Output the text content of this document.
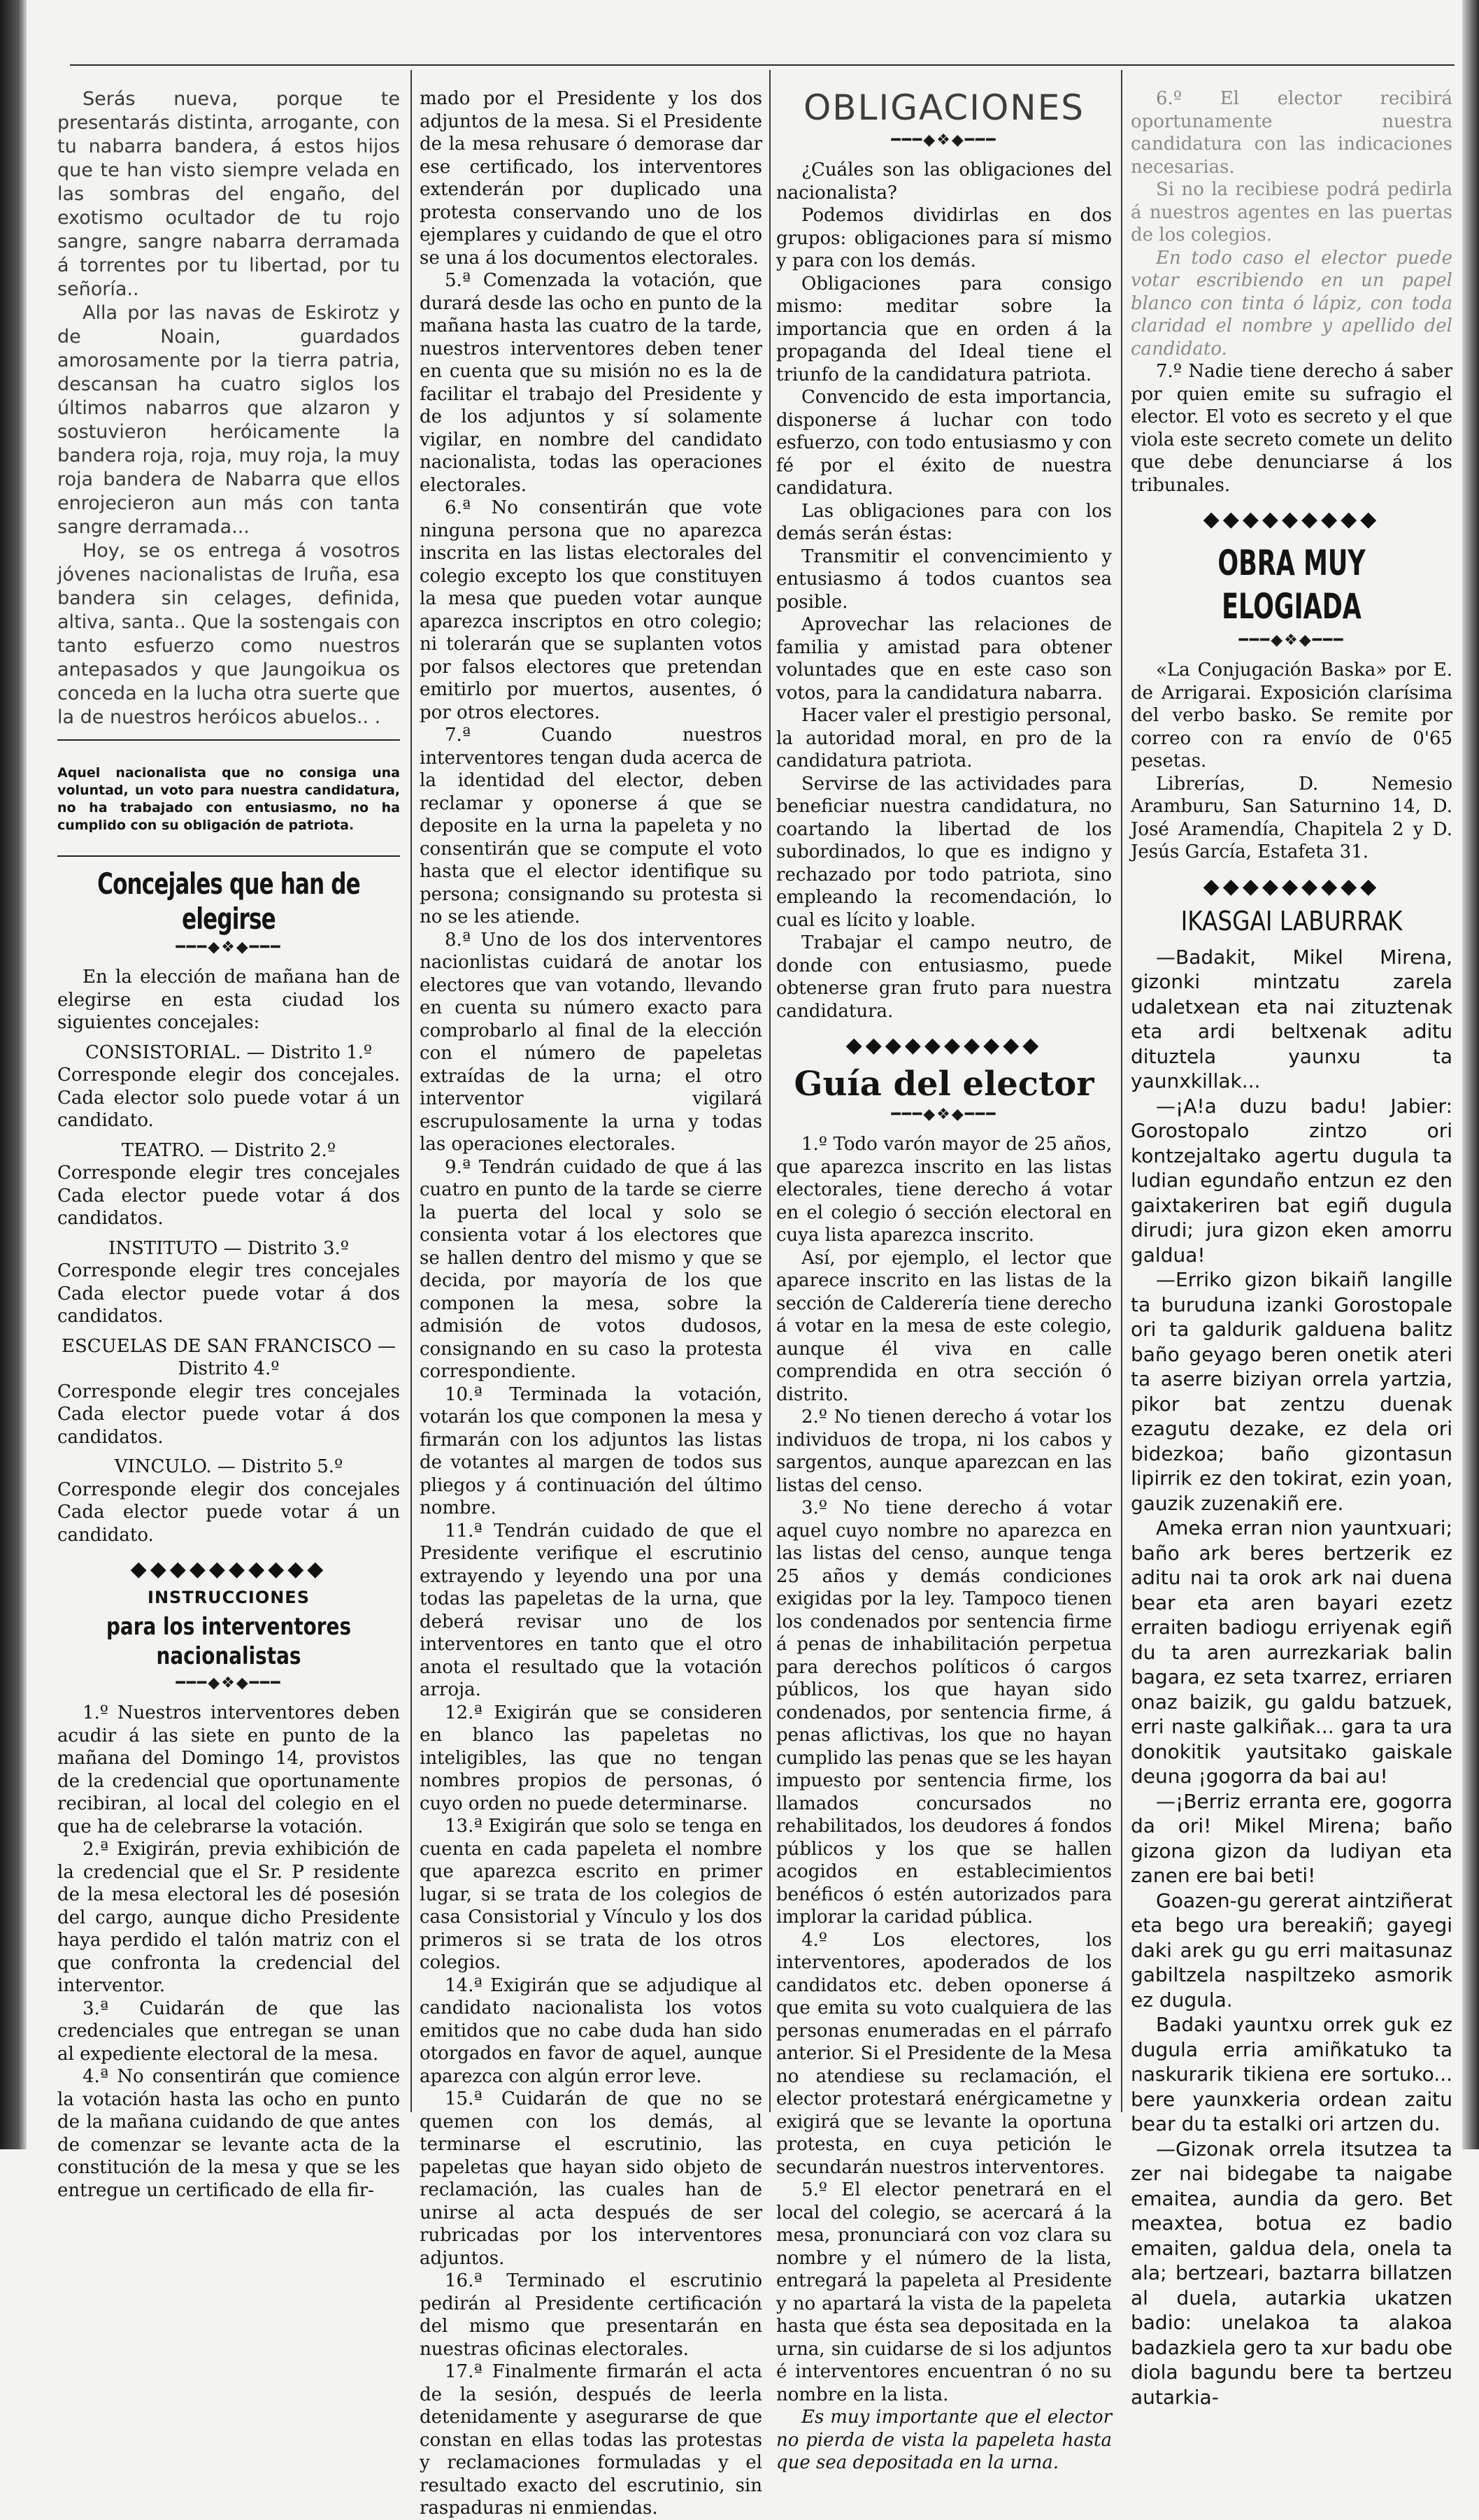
Serás nueva, porque te presentarás distinta, arrogante, con tu nabarra bandera, á estos hijos que te han visto siempre velada en las sombras del engaño, del exotismo ocultador de tu rojo sangre, sangre nabarra derramada á torrentes por tu libertad, por tu señoría..

Alla por las navas de Eskirotz y de Noain, guardados amorosamente por la tierra patria, descansan ha cuatro siglos los últimos nabarros que alzaron y sostuvieron heróicamente la bandera roja, roja, muy roja, la muy roja bandera de Nabarra que ellos enrojecieron aun más con tanta sangre derramada...

Hoy, se os entrega á vosotros jóvenes nacionalistas de Iruña, esa bandera sin celages, definida, altiva, santa.. Que la sostengais con tanto esfuerzo como nuestros antepasados y que Jaungoikua os conceda en la lucha otra suerte que la de nuestros heróicos abuelos.. .

Aquel nacionalista que no consiga una voluntad, un voto para nuestra candidatura, no ha trabajado con entusiasmo, no ha cumplido con su obligación de patriota.
Concejales que han de elegirse
━━━◆❖◆━━━

En la elección de mañana han de elegirse en esta ciudad los siguientes concejales:

CONSISTORIAL. — Distrito 1.º

Corresponde elegir dos concejales. Cada elector solo puede votar á un candidato.

TEATRO. — Distrito 2.º

Corresponde elegir tres concejales Cada elector puede votar á dos candidatos.

INSTITUTO — Distrito 3.º

Corresponde elegir tres concejales Cada elector puede votar á dos candidatos.

ESCUELAS DE SAN FRANCISCO — Distrito 4.º

Corresponde elegir tres concejales Cada elector puede votar á dos candidatos.

VINCULO. — Distrito 5.º

Corresponde elegir dos concejales Cada elector puede votar á un candidato.

◆◆◆◆◆◆◆◆◆◆
INSTRUCCIONES
para los interventores nacionalistas
━━━◆❖◆━━━

1.º Nuestros interventores deben acudir á las siete en punto de la mañana del Domingo 14, provistos de la credencial que oportunamente recibiran, al local del colegio en el que ha de celebrarse la votación.

2.ª Exigirán, previa exhibición de la credencial que el Sr. P residente de la mesa electoral les dé posesión del cargo, aunque dicho Presidente haya perdido el talón matriz con el que confronta la credencial del interventor.

3.ª Cuidarán de que las credenciales que entregan se unan al expediente electoral de la mesa.

4.ª No consentirán que comience la votación hasta las ocho en punto de la mañana cuidando de que antes de comenzar se levante acta de la constitución de la mesa y que se les entregue un certificado de ella fir-

mado por el Presidente y los dos adjuntos de la mesa. Si el Presidente de la mesa rehusare ó demorase dar ese certificado, los interventores extenderán por duplicado una protesta conservando uno de los ejemplares y cuidando de que el otro se una á los documentos electorales.

5.ª Comenzada la votación, que durará desde las ocho en punto de la mañana hasta las cuatro de la tarde, nuestros interventores deben tener en cuenta que su misión no es la de facilitar el trabajo del Presidente y de los adjuntos y sí solamente vigilar, en nombre del candidato nacionalista, todas las operaciones electorales.

6.ª No consentirán que vote ninguna persona que no aparezca inscrita en las listas electorales del colegio excepto los que constituyen la mesa que pueden votar aunque aparezca inscriptos en otro colegio; ni tolerarán que se suplanten votos por falsos electores que pretendan emitirlo por muertos, ausentes, ó por otros electores.

7.ª Cuando nuestros interventores tengan duda acerca de la identidad del elector, deben reclamar y oponerse á que se deposite en la urna la papeleta y no consentirán que se compute el voto hasta que el elector identifique su persona; consignando su protesta si no se les atiende.

8.ª Uno de los dos interventores nacionlistas cuidará de anotar los electores que van votando, llevando en cuenta su número exacto para comprobarlo al final de la elección con el número de papeletas extraídas de la urna; el otro interventor vigilará escrupulosamente la urna y todas las operaciones electorales.

9.ª Tendrán cuidado de que á las cuatro en punto de la tarde se cierre la puerta del local y solo se consienta votar á los electores que se hallen dentro del mismo y que se decida, por mayoría de los que componen la mesa, sobre la admisión de votos dudosos, consignando en su caso la protesta correspondiente.

10.ª Terminada la votación, votarán los que componen la mesa y firmarán con los adjuntos las listas de votantes al margen de todos sus pliegos y á continuación del último nombre.

11.ª Tendrán cuidado de que el Presidente verifique el escrutinio extrayendo y leyendo una por una todas las papeletas de la urna, que deberá revisar uno de los interventores en tanto que el otro anota el resultado que la votación arroja.

12.ª Exigirán que se consideren en blanco las papeletas no inteligibles, las que no tengan nombres propios de personas, ó cuyo orden no puede determinarse.

13.ª Exigirán que solo se tenga en cuenta en cada papeleta el nombre que aparezca escrito en primer lugar, si se trata de los colegios de casa Consistorial y Vínculo y los dos primeros si se trata de los otros colegios.

14.ª Exigirán que se adjudique al candidato nacionalista los votos emitidos que no cabe duda han sido otorgados en favor de aquel, aunque aparezca con algún error leve.

15.ª Cuidarán de que no se quemen con los demás, al terminarse el escrutinio, las papeletas que hayan sido objeto de reclamación, las cuales han de unirse al acta después de ser rubricadas por los interventores adjuntos.

16.ª Terminado el escrutinio pedirán al Presidente certificación del mismo que presentarán en nuestras oficinas electorales.

17.ª Finalmente firmarán el acta de la sesión, después de leerla detenidamente y asegurarse de que constan en ellas todas las protestas y reclamaciones formuladas y el resultado exacto del escrutinio, sin raspaduras ni enmiendas.

OBLIGACIONES
━━━◆❖◆━━━

¿Cuáles son las obligaciones del nacionalista?

Podemos dividirlas en dos grupos: obligaciones para sí mismo y para con los demás.

Obligaciones para consigo mismo: meditar sobre la importancia que en orden á la propaganda del Ideal tiene el triunfo de la candidatura patriota.

Convencido de esta importancia, disponerse á luchar con todo esfuerzo, con todo entusiasmo y con fé por el éxito de nuestra candidatura.

Las obligaciones para con los demás serán éstas:

Transmitir el convencimiento y entusiasmo á todos cuantos sea posible.

Aprovechar las relaciones de familia y amistad para obtener voluntades que en este caso son votos, para la candidatura nabarra.

Hacer valer el prestigio personal, la autoridad moral, en pro de la candidatura patriota.

Servirse de las actividades para beneficiar nuestra candidatura, no coartando la libertad de los subordinados, lo que es indigno y rechazado por todo patriota, sino empleando la recomendación, lo cual es lícito y loable.

Trabajar el campo neutro, de donde con entusiasmo, puede obtenerse gran fruto para nuestra candidatura.

◆◆◆◆◆◆◆◆◆◆
Guía del elector
━━━◆❖◆━━━

1.º Todo varón mayor de 25 años, que aparezca inscrito en las listas electorales, tiene derecho á votar en el colegio ó sección electoral en cuya lista aparezca inscrito.

Así, por ejemplo, el lector que aparece inscrito en las listas de la sección de Calderería tiene derecho á votar en la mesa de este colegio, aunque él viva en calle comprendida en otra sección ó distrito.

2.º No tienen derecho á votar los individuos de tropa, ni los cabos y sargentos, aunque aparezcan en las listas del censo.

3.º No tiene derecho á votar aquel cuyo nombre no aparezca en las listas del censo, aunque tenga 25 años y demás condiciones exigidas por la ley. Tampoco tienen los condenados por sentencia firme á penas de inhabilitación perpetua para derechos políticos ó cargos públicos, los que hayan sido condenados, por sentencia firme, á penas aflictivas, los que no hayan cumplido las penas que se les hayan impuesto por sentencia firme, los llamados concursados no rehabilitados, los deudores á fondos públicos y los que se hallen acogidos en establecimientos benéficos ó estén autorizados para implorar la caridad pública.

4.º Los electores, los interventores, apoderados de los candidatos etc. deben oponerse á que emita su voto cualquiera de las personas enumeradas en el párrafo anterior. Si el Presidente de la Mesa no atendiese su reclamación, el elector protestará enérgicametne y exigirá que se levante la oportuna protesta, en cuya petición le secundarán nuestros interventores.

5.º El elector penetrará en el local del colegio, se acercará á la mesa, pronunciará con voz clara su nombre y el número de la lista, entregará la papeleta al Presidente y no apartará la vista de la papeleta hasta que ésta sea depositada en la urna, sin cuidarse de si los adjuntos é interventores encuentran ó no su nombre en la lista.

Es muy importante que el elector no pierda de vista la papeleta hasta que sea depositada en la urna.

6.º El elector recibirá oportunamente nuestra candidatura con las indicaciones necesarias.

Si no la recibiese podrá pedirla á nuestros agentes en las puertas de los colegios.

En todo caso el elector puede votar escribiendo en un papel blanco con tinta ó lápiz, con toda claridad el nombre y apellido del candidato.

7.º Nadie tiene derecho á saber por quien emite su sufragio el elector. El voto es secreto y el que viola este secreto comete un delito que debe denunciarse á los tribunales.

◆◆◆◆◆◆◆◆◆
OBRA MUY ELOGIADA
━━━◆❖◆━━━

«La Conjugación Baska» por E. de Arrigarai. Exposición clarísima del verbo basko. Se remite por correo con ra envío de 0'65 pesetas.

Librerías, D. Nemesio Aramburu, San Saturnino 14, D. José Aramendía, Chapitela 2 y D. Jesús García, Estafeta 31.

◆◆◆◆◆◆◆◆◆
IKASGAI LABURRAK

—Badakit, Mikel Mirena, gizonki mintzatu zarela udaletxean eta nai zituztenak eta ardi beltxenak aditu dituztela yaunxu ta yaunxkillak...

—¡A!a duzu badu! Jabier: Gorostopalo zintzo ori kontzejaltako agertu dugula ta ludian egundaño entzun ez den gaixtakeriren bat egiñ dugula dirudi; jura gizon eken amorru galdua!

—Erriko gizon bikaiñ langille ta buruduna izanki Gorostopale ori ta galdurik galduena balitz baño geyago beren onetik ateri ta aserre biziyan orrela yartzia, pikor bat zentzu duenak ezagutu dezake, ez dela ori bidezkoa; baño gizontasun lipirrik ez den tokirat, ezin yoan, gauzik zuzenakiñ ere.

Ameka erran nion yauntxuari; baño ark beres bertzerik ez aditu nai ta orok ark nai duena bear eta aren bayari ezetz erraiten badiogu erriyenak egiñ du ta aren aurrezkariak balin bagara, ez seta txarrez, erriaren onaz baizik, gu galdu batzuek, erri naste galkiñak... gara ta ura donokitik yautsitako gaiskale deuna ¡gogorra da bai au!

—¡Berriz erranta ere, gogorra da ori! Mikel Mirena; baño gizona gizon da ludiyan eta zanen ere bai beti!

Goazen-gu gererat aintziñerat eta bego ura bereakiñ; gayegi daki arek gu gu erri maitasunaz gabiltzela naspiltzeko asmorik ez dugula.

Badaki yauntxu orrek guk ez dugula erria amiñkatuko ta naskurarik tikiena ere sortuko... bere yaunxkeria ordean zaitu bear du ta estalki ori artzen du.

—Gizonak orrela itsutzea ta zer nai bidegabe ta naigabe emaitea, aundia da gero. Bet meaxtea, botua ez badio emaiten, galdua dela, onela ta ala; bertzeari, baztarra billatzen al duela, autarkia ukatzen badio: unelakoa ta alakoa badazkiela gero ta xur badu obe diola bagundu bere ta bertzeu autarkia-
